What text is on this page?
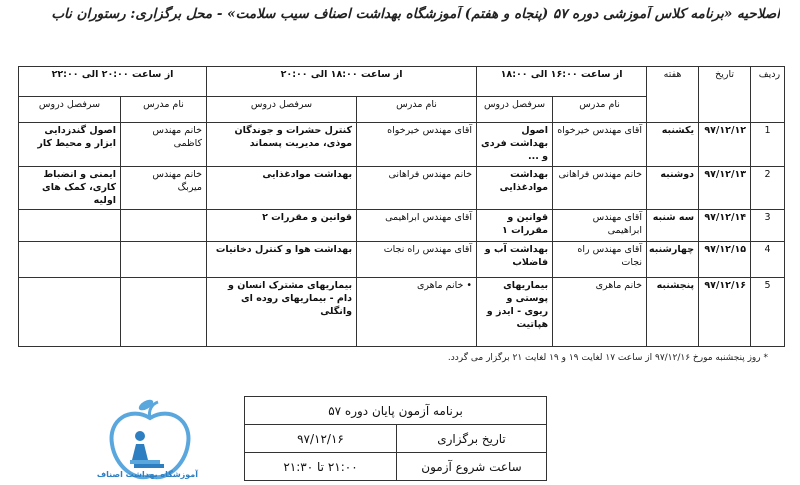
اصلاحیه «برنامه کلاس آموزشی دوره ۵۷ (پنجاه و هفتم) آموزشگاه بهداشت اصناف سیب سلامت» - محل برگزاری: رستوران ناب
ردیف	تاریخ	هفته	از ساعت ۱۶:۰۰ الی ۱۸:۰۰		از ساعت ۱۸:۰۰ الی ۲۰:۰۰		از ساعت ۲۰:۰۰ الی ۲۲:۰۰	
			نام مدرس	سرفصل دروس	نام مدرس	سرفصل دروس	نام مدرس	سرفصل دروس
1	۹۷/۱۲/۱۲	یکشنبه	آقای مهندس خیرخواه	اصول بهداشت فردی و ...	آقای مهندس خیرخواه	کنترل حشرات و جوندگان موذی، مدیریت پسماند	خانم مهندس کاظمی	اصول گندزدایی ابزار و محیط کار
2	۹۷/۱۲/۱۳	دوشنبه	خانم مهندس فراهانی	بهداشت موادغذایی	خانم مهندس فراهانی	بهداشت موادغذایی	خانم مهندس میربگ	ایمنی و انضباط کاری، کمک های اولیه
3	۹۷/۱۲/۱۴	سه شنبه	آقای مهندس ابراهیمی	قوانین و مقررات ۱	آقای مهندس ابراهیمی	قوانین و مقررات ۲		
4	۹۷/۱۲/۱۵	چهارشنبه	آقای مهندس راه نجات	بهداشت آب و فاضلاب	آقای مهندس راه نجات	بهداشت هوا و کنترل دخانیات		
5	۹۷/۱۲/۱۶	پنجشنبه	خانم ماهری	بیماریهای پوستی و ریوی - ایدز و هپاتیت	• خانم ماهری	بیماریهای مشترک انسان و دام - بیماریهای روده ای وانگلی		
* روز پنجشنبه مورخ ۹۷/۱۲/۱۶ از ساعت ۱۷ لغایت ۱۹ و ۱۹ لغایت ۲۱ برگزار می گردد.
آموزشگاه بهداشت اصناف
برنامه آزمون پایان دوره ۵۷	
تاریخ برگزاری	۹۷/۱۲/۱۶
ساعت شروع آزمون	۲۱:۰۰ تا ۲۱:۳۰
